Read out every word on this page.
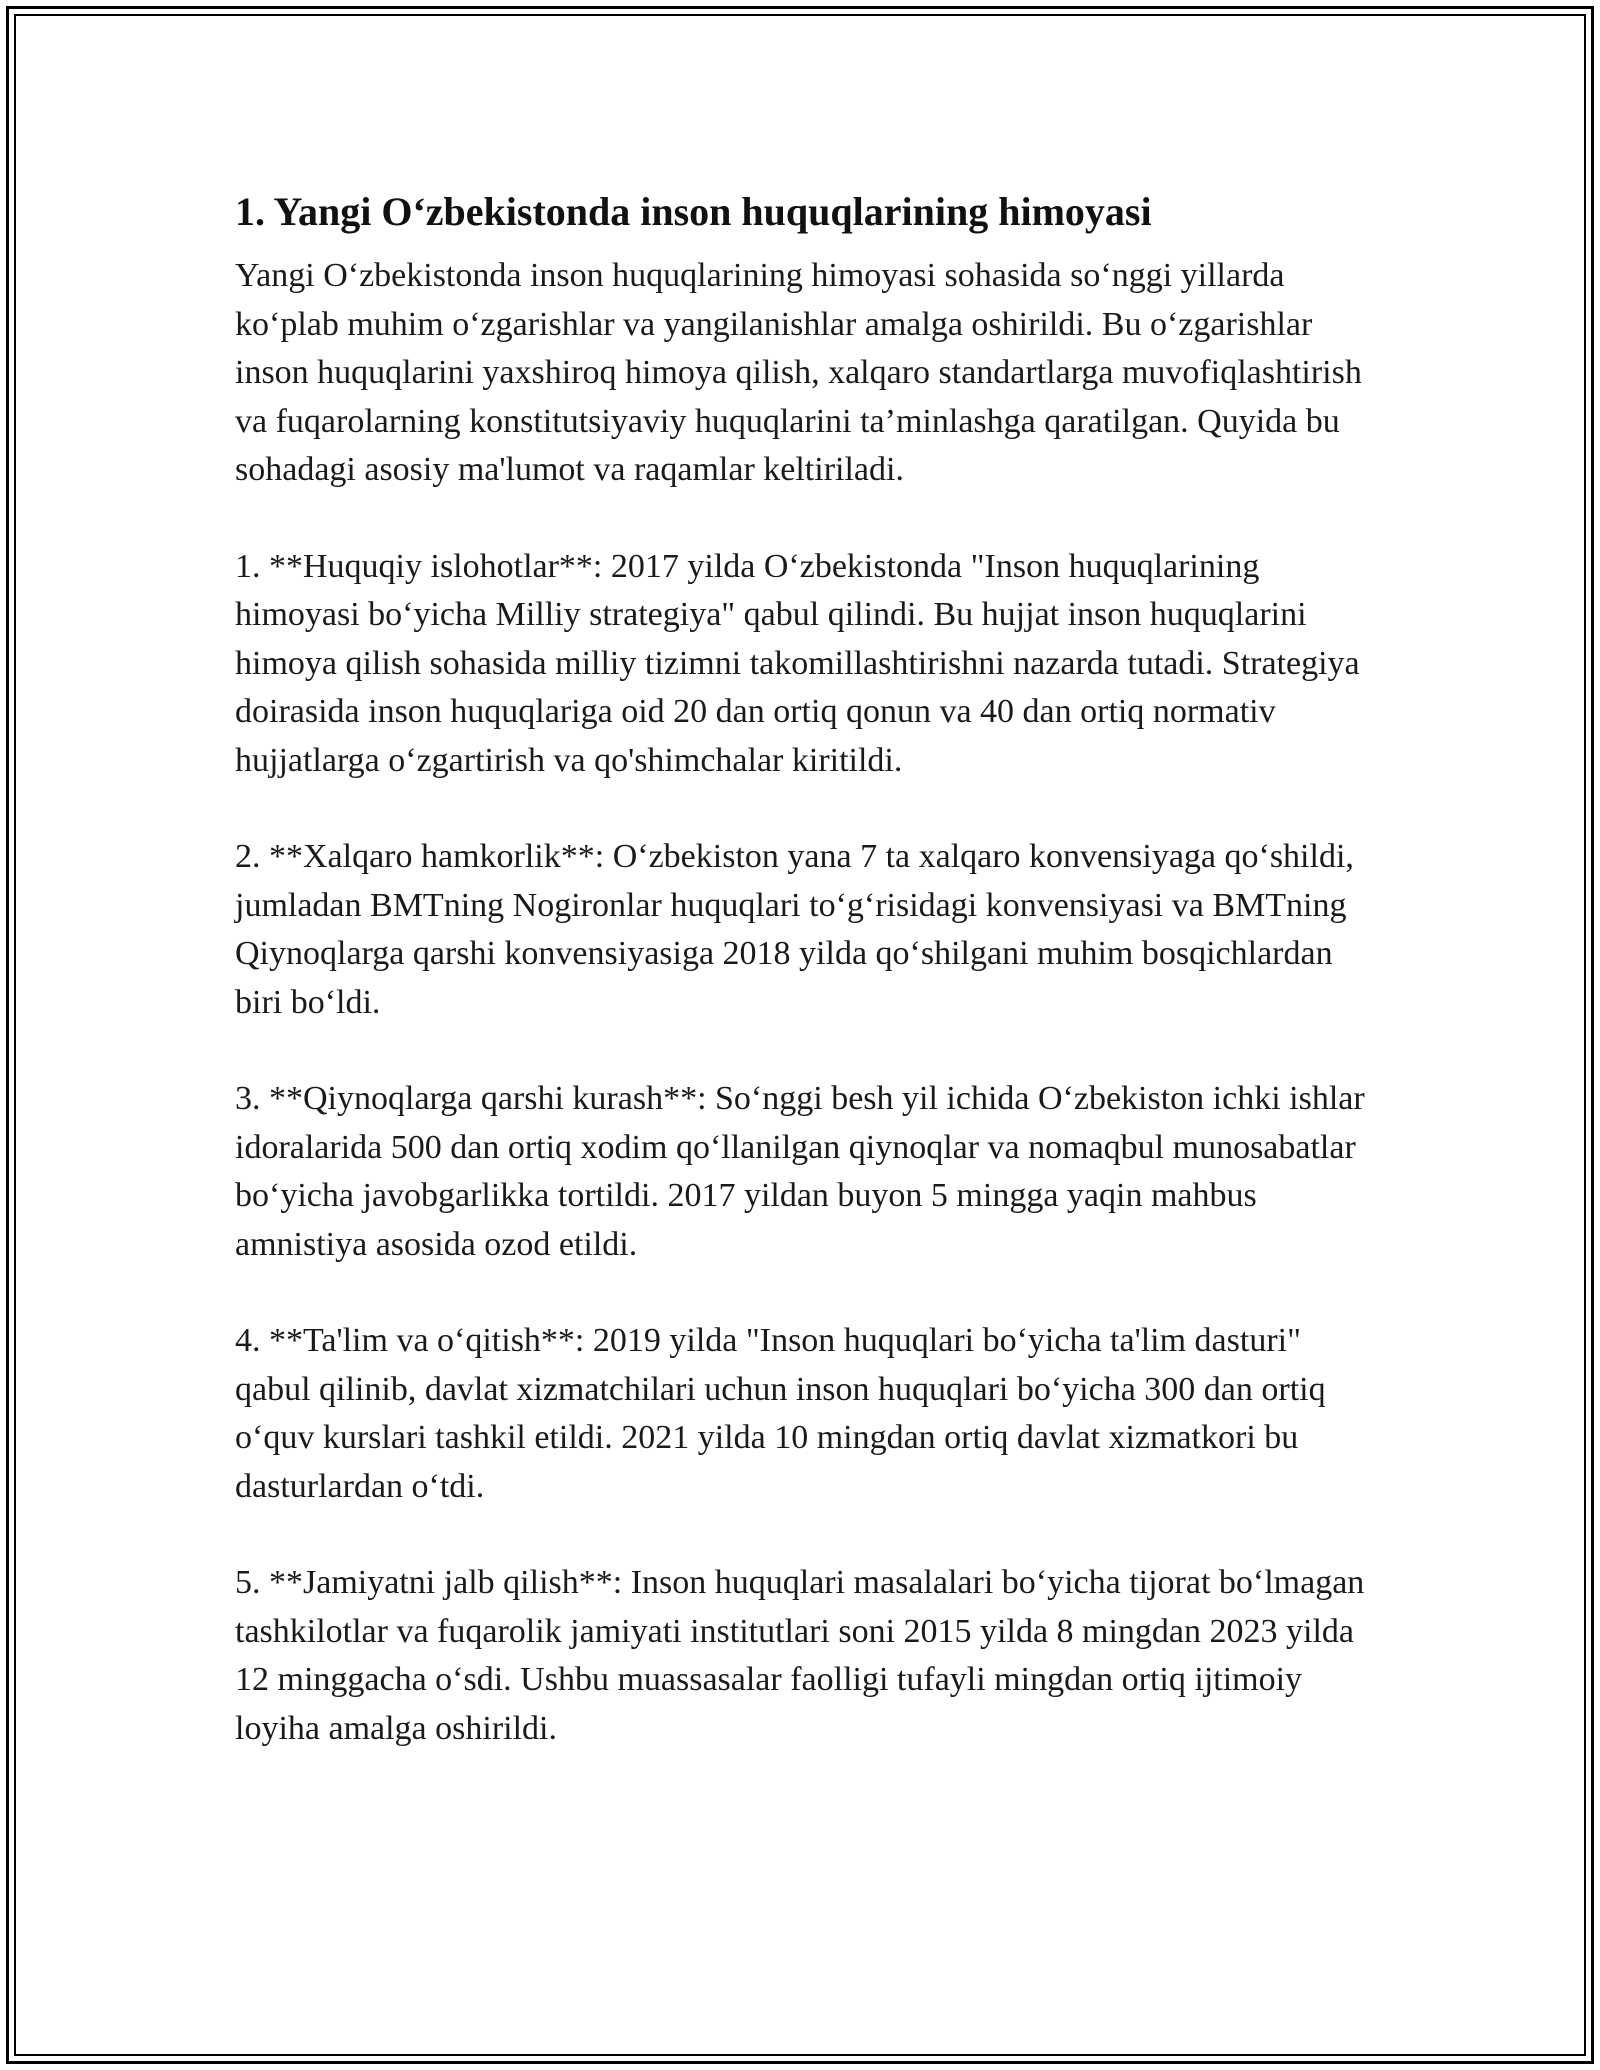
1. Yangi O‘zbekistonda inson huquqlarining himoyasi

Yangi O‘zbekistonda inson huquqlarining himoyasi sohasida so‘nggi yillarda ko‘plab muhim o‘zgarishlar va yangilanishlar amalga oshirildi. Bu o‘zgarishlar inson huquqlarini yaxshiroq himoya qilish, xalqaro standartlarga muvofiqlashtirish va fuqarolarning konstitutsiyaviy huquqlarini ta’minlashga qaratilgan. Quyida bu sohadagi asosiy ma'lumot va raqamlar keltiriladi.

1. **Huquqiy islohotlar**: 2017 yilda O‘zbekistonda "Inson huquqlarining himoyasi bo‘yicha Milliy strategiya" qabul qilindi. Bu hujjat inson huquqlarini himoya qilish sohasida milliy tizimni takomillashtirishni nazarda tutadi. Strategiya doirasida inson huquqlariga oid 20 dan ortiq qonun va 40 dan ortiq normativ hujjatlarga o‘zgartirish va qo'shimchalar kiritildi.

2. **Xalqaro hamkorlik**: O‘zbekiston yana 7 ta xalqaro konvensiyaga qo‘shildi, jumladan BMTning Nogironlar huquqlari to‘g‘risidagi konvensiyasi va BMTning Qiynoqlarga qarshi konvensiyasiga 2018 yilda qo‘shilgani muhim bosqichlardan biri bo‘ldi.

3. **Qiynoqlarga qarshi kurash**: So‘nggi besh yil ichida O‘zbekiston ichki ishlar idoralarida 500 dan ortiq xodim qo‘llanilgan qiynoqlar va nomaqbul munosabatlar bo‘yicha javobgarlikka tortildi. 2017 yildan buyon 5 mingga yaqin mahbus amnistiya asosida ozod etildi.

4. **Ta'lim va o‘qitish**: 2019 yilda "Inson huquqlari bo‘yicha ta'lim dasturi" qabul qilinib, davlat xizmatchilari uchun inson huquqlari bo‘yicha 300 dan ortiq o‘quv kurslari tashkil etildi. 2021 yilda 10 mingdan ortiq davlat xizmatkori bu dasturlardan o‘tdi.

5. **Jamiyatni jalb qilish**: Inson huquqlari masalalari bo‘yicha tijorat bo‘lmagan tashkilotlar va fuqarolik jamiyati institutlari soni 2015 yilda 8 mingdan 2023 yilda 12 minggacha o‘sdi. Ushbu muassasalar faolligi tufayli mingdan ortiq ijtimoiy loyiha amalga oshirildi.
